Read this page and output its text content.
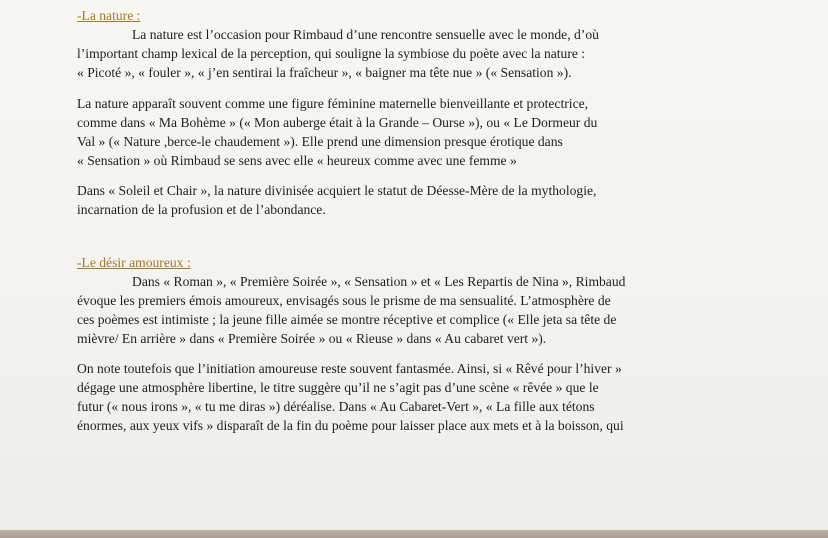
-La nature :

La nature est l’occasion pour Rimbaud d’une rencontre sensuelle avec le monde, d’où
l’important champ lexical de la perception, qui souligne la symbiose du poète avec la nature :
« Picoté », « fouler », « j’en sentirai la fraîcheur », « baigner ma tête nue » (« Sensation »).

La nature apparaît souvent comme une figure féminine maternelle bienveillante et protectrice,
comme dans « Ma Bohème » (« Mon auberge était à la Grande – Ourse »), ou « Le Dormeur du
Val » (« Nature ,berce-le chaudement »). Elle prend une dimension presque érotique dans
« Sensation » où Rimbaud se sens avec elle « heureux comme avec une femme »

Dans « Soleil et Chair », la nature divinisée acquiert le statut de Déesse-Mère de la mythologie,
incarnation de la profusion et de l’abondance.

-Le désir amoureux :

Dans « Roman », « Première Soirée », « Sensation » et « Les Repartis de Nina », Rimbaud
évoque les premiers émois amoureux, envisagés sous le prisme de ma sensualité. L’atmosphère de
ces poèmes est intimiste ; la jeune fille aimée se montre réceptive et complice (« Elle jeta sa tête de
mièvre/ En arrière » dans « Première Soirée » ou « Rieuse » dans « Au cabaret vert »).

On note toutefois que l’initiation amoureuse reste souvent fantasmée. Ainsi, si « Rêvé pour l’hiver »
dégage une atmosphère libertine, le titre suggère qu’il ne s’agit pas d’une scène « rêvée » que le
futur (« nous irons », « tu me diras ») déréalise. Dans « Au Cabaret-Vert », « La fille aux tétons
énormes, aux yeux vifs » disparaît de la fin du poème pour laisser place aux mets et à la boisson, qui
